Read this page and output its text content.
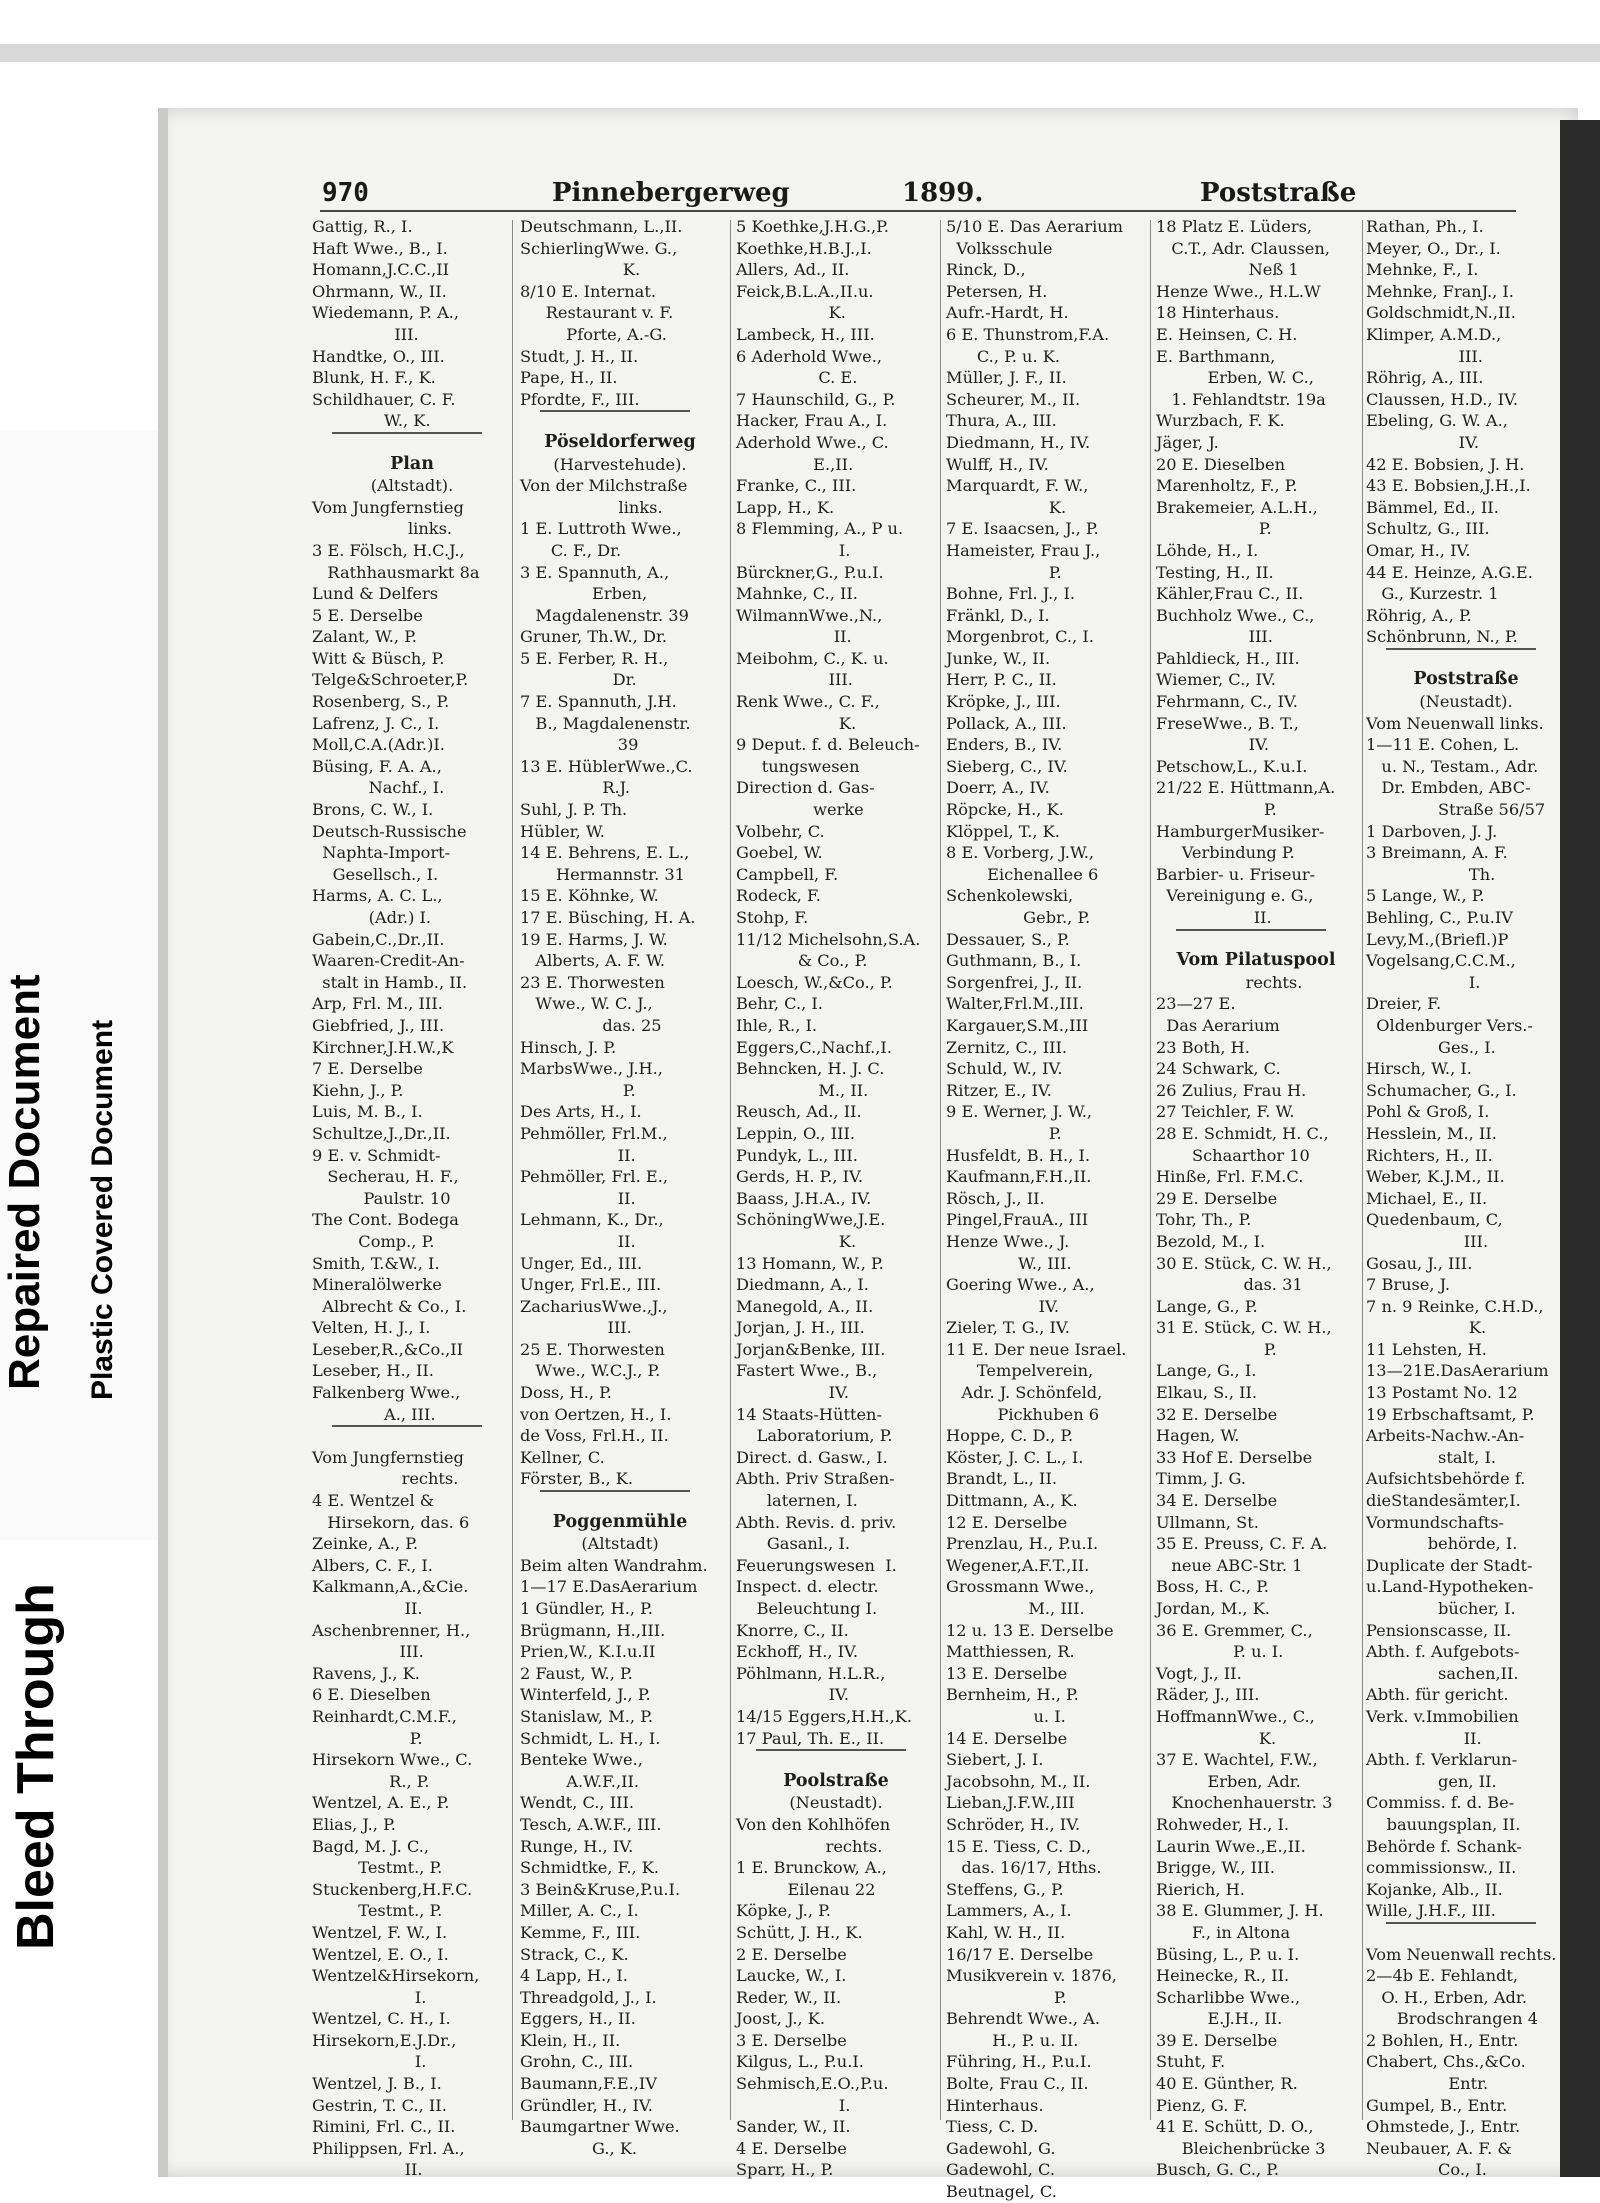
Bleed Through
Repaired Document Plastic Covered Document
970	Pinnebergerweg	1899.	Poststraße
Gattig, R., I.
Haft Wwe., B., I.
Homann,J.C.C.,II
Ohrmann, W., II.
Wiedemann, P. A.,
III.
Handtke, O., III.
Blunk, H. F., K.
Schildhauer, C. F.
W., K.
Plan
(Altstadt).
Vom Jungfernstieg
links.
3 E. Fölsch, H.C.J.,
Rathhausmarkt 8a
Lund & Delfers
5 E. Derselbe
Zalant, W., P.
Witt & Büsch, P.
Telge&Schroeter,P.
Rosenberg, S., P.
Lafrenz, J. C., I.
Moll,C.A.(Adr.)I.
Büsing, F. A. A.,
Nachf., I.
Brons, C. W., I.
Deutsch-Russische
Naphta-Import-
Gesellsch., I.
Harms, A. C. L.,
(Adr.) I.
Gabein,C.,Dr.,II.
Waaren-Credit-An-
stalt in Hamb., II.
Arp, Frl. M., III.
Giebfried, J., III.
Kirchner,J.H.W.,K
7 E. Derselbe
Kiehn, J., P.
Luis, M. B., I.
Schultze,J.,Dr.,II.
9 E. v. Schmidt-
Secherau, H. F.,
Paulstr. 10
The Cont. Bodega
Comp., P.
Smith, T.&W., I.
Mineralölwerke
Albrecht & Co., I.
Velten, H. J., I.
Leseber,R.,&Co.,II
Leseber, H., II.
Falkenberg Wwe.,
A., III.
Vom Jungfernstieg
rechts.
4 E. Wentzel &
Hirsekorn, das. 6
Zeinke, A., P.
Albers, C. F., I.
Kalkmann,A.,&Cie.
II.
Aschenbrenner, H.,
III.
Ravens, J., K.
6 E. Dieselben
Reinhardt,C.M.F.,
P.
Hirsekorn Wwe., C.
R., P.
Wentzel, A. E., P.
Elias, J., P.
Bagd, M. J. C.,
Testmt., P.
Stuckenberg,H.F.C.
Testmt., P.
Wentzel, F. W., I.
Wentzel, E. O., I.
Wentzel&Hirsekorn,
I.
Wentzel, C. H., I.
Hirsekorn,E.J.Dr.,
I.
Wentzel, J. B., I.
Gestrin, T. C., II.
Rimini, Frl. C., II.
Philippsen, Frl. A.,
II.
Deutschmann, L.,II.
SchierlingWwe. G.,
K.
8/10 E. Internat.
Restaurant v. F.
Pforte, A.-G.
Studt, J. H., II.
Pape, H., II.
Pfordte, F., III.
Pöseldorferweg
(Harvestehude).
Von der Milchstraße
links.
1 E. Luttroth Wwe.,
C. F., Dr.
3 E. Spannuth, A.,
Erben,
Magdalenenstr. 39
Gruner, Th.W., Dr.
5 E. Ferber, R. H.,
Dr.
7 E. Spannuth, J.H.
B., Magdalenenstr.
39
13 E. HüblerWwe.,C.
R.J.
Suhl, J. P. Th.
Hübler, W.
14 E. Behrens, E. L.,
Hermannstr. 31
15 E. Köhnke, W.
17 E. Büsching, H. A.
19 E. Harms, J. W.
Alberts, A. F. W.
23 E. Thorwesten
Wwe., W. C. J.,
das. 25
Hinsch, J. P.
MarbsWwe., J.H.,
P.
Des Arts, H., I.
Pehmöller, Frl.M.,
II.
Pehmöller, Frl. E.,
II.
Lehmann, K., Dr.,
II.
Unger, Ed., III.
Unger, Frl.E., III.
ZachariusWwe.,J.,
III.
25 E. Thorwesten
Wwe., W.C.J., P.
Doss, H., P.
von Oertzen, H., I.
de Voss, Frl.H., II.
Kellner, C.
Förster, B., K.
Poggenmühle
(Altstadt)
Beim alten Wandrahm.
1—17 E.DasAerarium
1 Gündler, H., P.
Brügmann, H.,III.
Prien,W., K.I.u.II
2 Faust, W., P.
Winterfeld, J., P.
Stanislaw, M., P.
Schmidt, L. H., I.
Benteke Wwe.,
A.W.F.,II.
Wendt, C., III.
Tesch, A.W.F., III.
Runge, H., IV.
Schmidtke, F., K.
3 Bein&Kruse,P.u.I.
Miller, A. C., I.
Kemme, F., III.
Strack, C., K.
4 Lapp, H., I.
Threadgold, J., I.
Eggers, H., II.
Klein, H., II.
Grohn, C., III.
Baumann,F.E.,IV
Gründler, H., IV.
Baumgartner Wwe.
G., K.
5 Koethke,J.H.G.,P.
Koethke,H.B.J.,I.
Allers, Ad., II.
Feick,B.L.A.,II.u.
K.
Lambeck, H., III.
6 Aderhold Wwe.,
C. E.
7 Haunschild, G., P.
Hacker, Frau A., I.
Aderhold Wwe., C.
E.,II.
Franke, C., III.
Lapp, H., K.
8 Flemming, A., P u.
I.
Bürckner,G., P.u.I.
Mahnke, C., II.
WilmannWwe.,N.,
II.
Meibohm, C., K. u.
III.
Renk Wwe., C. F.,
K.
9 Deput. f. d. Beleuch-
tungswesen
Direction d. Gas-
werke
Volbehr, C.
Goebel, W.
Campbell, F.
Rodeck, F.
Stohp, F.
11/12 Michelsohn,S.A.
& Co., P.
Loesch, W.,&Co., P.
Behr, C., I.
Ihle, R., I.
Eggers,C.,Nachf.,I.
Behncken, H. J. C.
M., II.
Reusch, Ad., II.
Leppin, O., III.
Pundyk, L., III.
Gerds, H. P., IV.
Baass, J.H.A., IV.
SchöningWwe,J.E.
K.
13 Homann, W., P.
Diedmann, A., I.
Manegold, A., II.
Jorjan, J. H., III.
Jorjan&Benke, III.
Fastert Wwe., B.,
IV.
14 Staats-Hütten-
Laboratorium, P.
Direct. d. Gasw., I.
Abth. Priv Straßen-
laternen, I.
Abth. Revis. d. priv.
Gasanl., I.
Feuerungswesen  I.
Inspect. d. electr.
Beleuchtung I.
Knorre, C., II.
Eckhoff, H., IV.
Pöhlmann, H.L.R.,
IV.
14/15 Eggers,H.H.,K.
17 Paul, Th. E., II.
Poolstraße
(Neustadt).
Von den Kohlhöfen
rechts.
1 E. Brunckow, A.,
Eilenau 22
Köpke, J., P.
Schütt, J. H., K.
2 E. Derselbe
Laucke, W., I.
Reder, W., II.
Joost, J., K.
3 E. Derselbe
Kilgus, L., P.u.I.
Sehmisch,E.O.,P.u.
I.
Sander, W., II.
4 E. Derselbe
Sparr, H., P.
5/10 E. Das Aerarium
Volksschule
Rinck, D.,
Petersen, H.
Aufr.-Hardt, H.
6 E. Thunstrom,F.A.
C., P. u. K.
Müller, J. F., II.
Scheurer, M., II.
Thura, A., III.
Diedmann, H., IV.
Wulff, H., IV.
Marquardt, F. W.,
K.
7 E. Isaacsen, J., P.
Hameister, Frau J.,
P.
Bohne, Frl. J., I.
Fränkl, D., I.
Morgenbrot, C., I.
Junke, W., II.
Herr, P. C., II.
Kröpke, J., III.
Pollack, A., III.
Enders, B., IV.
Sieberg, C., IV.
Doerr, A., IV.
Röpcke, H., K.
Klöppel, T., K.
8 E. Vorberg, J.W.,
Eichenallee 6
Schenkolewski,
Gebr., P.
Dessauer, S., P.
Guthmann, B., I.
Sorgenfrei, J., II.
Walter,Frl.M.,III.
Kargauer,S.M.,III
Zernitz, C., III.
Schuld, W., IV.
Ritzer, E., IV.
9 E. Werner, J. W.,
P.
Husfeldt, B. H., I.
Kaufmann,F.H.,II.
Rösch, J., II.
Pingel,FrauA., III
Henze Wwe., J.
W., III.
Goering Wwe., A.,
IV.
Zieler, T. G., IV.
11 E. Der neue Israel.
Tempelverein,
Adr. J. Schönfeld,
Pickhuben 6
Hoppe, C. D., P.
Köster, J. C. L., I.
Brandt, L., II.
Dittmann, A., K.
12 E. Derselbe
Prenzlau, H., P.u.I.
Wegener,A.F.T.,II.
Grossmann Wwe.,
M., III.
12 u. 13 E. Derselbe
Matthiessen, R.
13 E. Derselbe
Bernheim, H., P.
u. I.
14 E. Derselbe
Siebert, J. I.
Jacobsohn, M., II.
Lieban,J.F.W.,III
Schröder, H., IV.
15 E. Tiess, C. D.,
das. 16/17, Hths.
Steffens, G., P.
Lammers, A., I.
Kahl, W. H., II.
16/17 E. Derselbe
Musikverein v. 1876,
P.
Behrendt Wwe., A.
H., P. u. II.
Führing, H., P.u.I.
Bolte, Frau C., II.
Hinterhaus.
Tiess, C. D.
Gadewohl, G.
Gadewohl, C.
Beutnagel, C.
18 Platz E. Lüders,
C.T., Adr. Claussen,
Neß 1
Henze Wwe., H.L.W
18 Hinterhaus.
E. Heinsen, C. H.
E. Barthmann,
Erben, W. C.,
1. Fehlandtstr. 19a
Wurzbach, F. K.
Jäger, J.
20 E. Dieselben
Marenholtz, F., P.
Brakemeier, A.L.H.,
P.
Löhde, H., I.
Testing, H., II.
Kähler,Frau C., II.
Buchholz Wwe., C.,
III.
Pahldieck, H., III.
Wiemer, C., IV.
Fehrmann, C., IV.
FreseWwe., B. T.,
IV.
Petschow,L., K.u.I.
21/22 E. Hüttmann,A.
P.
HamburgerMusiker-
Verbindung P.
Barbier- u. Friseur-
Vereinigung e. G.,
II.
Vom Pilatuspool
rechts.
23—27 E.
Das Aerarium
23 Both, H.
24 Schwark, C.
26 Zulius, Frau H.
27 Teichler, F. W.
28 E. Schmidt, H. C.,
Schaarthor 10
Hinße, Frl. F.M.C.
29 E. Derselbe
Tohr, Th., P.
Bezold, M., I.
30 E. Stück, C. W. H.,
das. 31
Lange, G., P.
31 E. Stück, C. W. H.,
P.
Lange, G., I.
Elkau, S., II.
32 E. Derselbe
Hagen, W.
33 Hof E. Derselbe
Timm, J. G.
34 E. Derselbe
Ullmann, St.
35 E. Preuss, C. F. A.
neue ABC-Str. 1
Boss, H. C., P.
Jordan, M., K.
36 E. Gremmer, C.,
P. u. I.
Vogt, J., II.
Räder, J., III.
HoffmannWwe., C.,
K.
37 E. Wachtel, F.W.,
Erben, Adr.
Knochenhauerstr. 3
Rohweder, H., I.
Laurin Wwe.,E.,II.
Brigge, W., III.
Rierich, H.
38 E. Glummer, J. H.
F., in Altona
Büsing, L., P. u. I.
Heinecke, R., II.
Scharlibbe Wwe.,
E.J.H., II.
39 E. Derselbe
Stuht, F.
40 E. Günther, R.
Pienz, G. F.
41 E. Schütt, D. O.,
Bleichenbrücke 3
Busch, G. C., P.
Rathan, Ph., I.
Meyer, O., Dr., I.
Mehnke, F., I.
Mehnke, FranJ., I.
Goldschmidt,N.,II.
Klimper, A.M.D.,
III.
Röhrig, A., III.
Claussen, H.D., IV.
Ebeling, G. W. A.,
IV.
42 E. Bobsien, J. H.
43 E. Bobsien,J.H.,I.
Bämmel, Ed., II.
Schultz, G., III.
Omar, H., IV.
44 E. Heinze, A.G.E.
G., Kurzestr. 1
Röhrig, A., P.
Schönbrunn, N., P.
Poststraße
(Neustadt).
Vom Neuenwall links.
1—11 E. Cohen, L.
u. N., Testam., Adr.
Dr. Embden, ABC-
Straße 56/57
1 Darboven, J. J.
3 Breimann, A. F.
Th.
5 Lange, W., P.
Behling, C., P.u.IV
Levy,M.,(Briefl.)P
Vogelsang,C.C.M.,
I.
Dreier, F.
Oldenburger Vers.-
Ges., I.
Hirsch, W., I.
Schumacher, G., I.
Pohl & Groß, I.
Hesslein, M., II.
Richters, H., II.
Weber, K.J.M., II.
Michael, E., II.
Quedenbaum, C,
III.
Gosau, J., III.
7 Bruse, J.
7 n. 9 Reinke, C.H.D.,
K.
11 Lehsten, H.
13—21E.DasAerarium
13 Postamt No. 12
19 Erbschaftsamt, P.
Arbeits-Nachw.-An-
stalt, I.
Aufsichtsbehörde f.
dieStandesämter,I.
Vormundschafts-
behörde, I.
Duplicate der Stadt-
u.Land-Hypotheken-
bücher, I.
Pensionscasse, II.
Abth. f. Aufgebots-
sachen,II.
Abth. für gericht.
Verk. v.Immobilien
II.
Abth. f. Verklarun-
gen, II.
Commiss. f. d. Be-
bauungsplan, II.
Behörde f. Schank-
commissionsw., II.
Kojanke, Alb., II.
Wille, J.H.F., III.
Vom Neuenwall rechts.
2—4b E. Fehlandt,
O. H., Erben, Adr.
Brodschrangen 4
2 Bohlen, H., Entr.
Chabert, Chs.,&Co.
Entr.
Gumpel, B., Entr.
Ohmstede, J., Entr.
Neubauer, A. F. &
Co., I.
